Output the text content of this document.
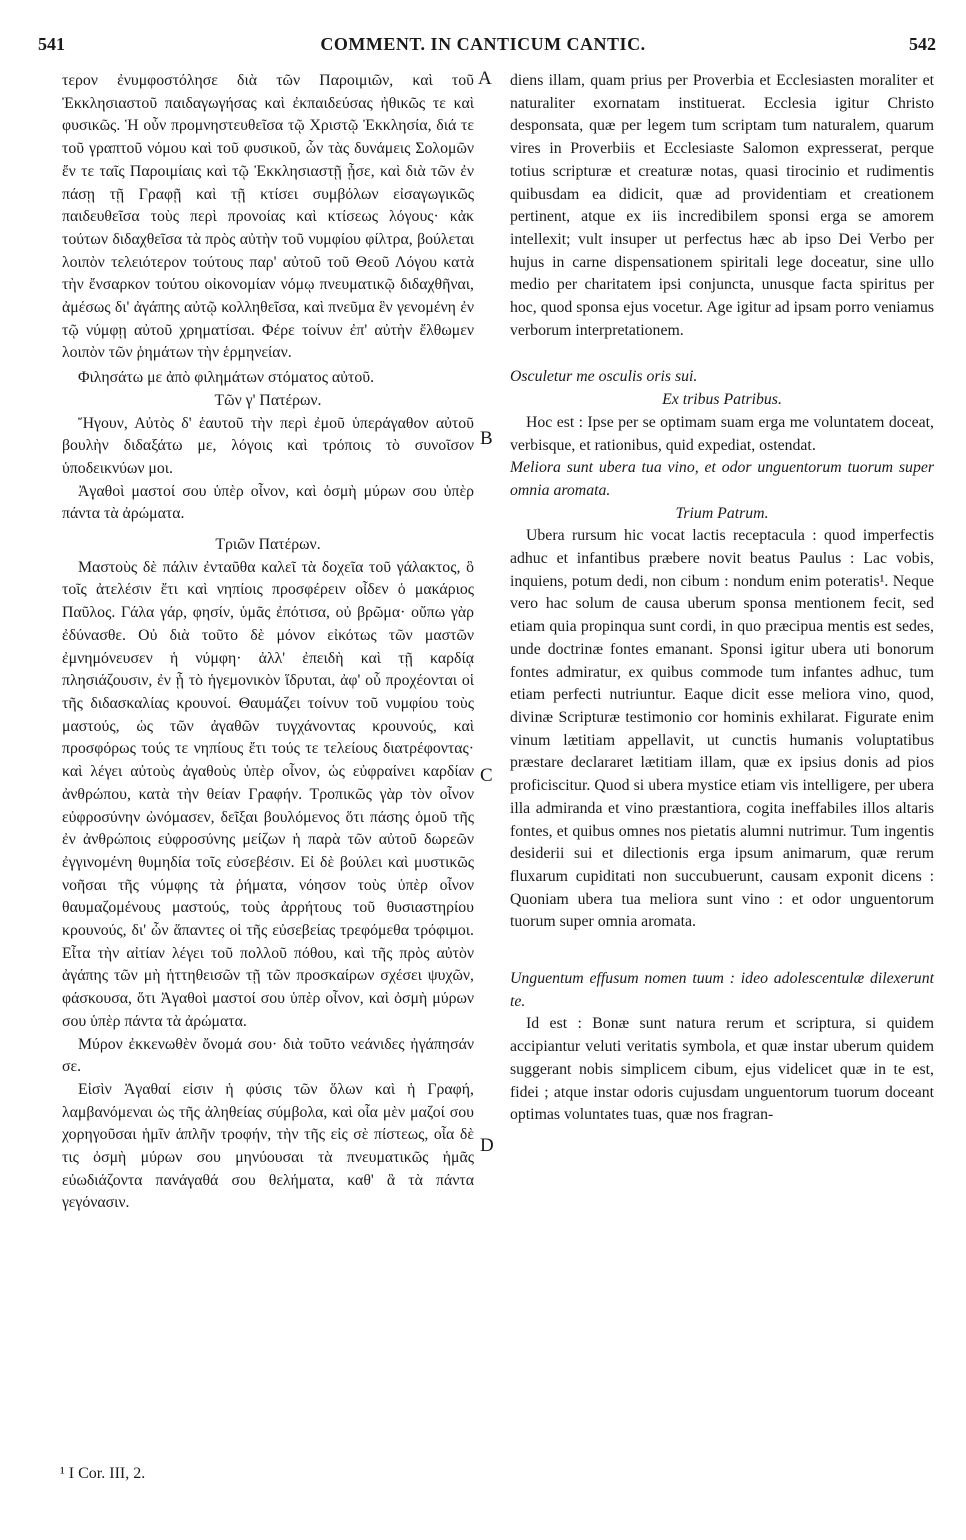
541	COMMENT. IN CANTICUM CANTIC.	542
A
B
C
D

τερον ἐνυμφοστόλησε διὰ τῶν Παροιμιῶν, καὶ τοῦ Ἐκκλησιαστοῦ παιδαγωγήσας καὶ ἐκπαιδεύσας ἠθικῶς τε καὶ φυσικῶς. Ἡ οὖν προμνηστευθεῖσα τῷ Χριστῷ Ἐκκλησία, διά τε τοῦ γραπτοῦ νόμου καὶ τοῦ φυσικοῦ, ὧν τὰς δυνάμεις Σολομῶν ἔν τε ταῖς Παροιμίαις καὶ τῷ Ἐκκλησιαστῇ ᾖσε, καὶ διὰ τῶν ἐν πάσῃ τῇ Γραφῇ καὶ τῇ κτίσει συμβόλων εἰσαγωγικῶς παιδευθεῖσα τοὺς περὶ προνοίας καὶ κτίσεως λόγους· κἀκ τούτων διδαχθεῖσα τὰ πρὸς αὐτὴν τοῦ νυμφίου φίλτρα, βούλεται λοιπὸν τελειότερον τούτους παρ' αὐτοῦ τοῦ Θεοῦ Λόγου κατὰ τὴν ἔνσαρκον τούτου οἰκονομίαν νόμῳ πνευματικῷ διδαχθῆναι, ἀμέσως δι' ἀγάπης αὐτῷ κολληθεῖσα, καὶ πνεῦμα ἓν γενομένη ἐν τῷ νύμφῃ αὐτοῦ χρηματίσαι. Φέρε τοίνυν ἐπ' αὐτὴν ἔλθωμεν λοιπὸν τῶν ῥημάτων τὴν ἑρμηνείαν.

Φιλησάτω με ἀπὸ φιλημάτων στόματος αὐτοῦ.

Τῶν γ' Πατέρων.

Ἤγουν, Αὐτὸς δ' ἑαυτοῦ τὴν περὶ ἐμοῦ ὑπεράγαθον αὐτοῦ βουλὴν διδαξάτω με, λόγοις καὶ τρόποις τὸ συνοῖσον ὑποδεικνύων μοι.

Ἀγαθοὶ μαστοί σου ὑπὲρ οἶνον, καὶ ὀσμὴ μύρων σου ὑπὲρ πάντα τὰ ἀρώματα.

Τριῶν Πατέρων.

Μαστοὺς δὲ πάλιν ἐνταῦθα καλεῖ τὰ δοχεῖα τοῦ γάλακτος, ὃ τοῖς ἀτελέσιν ἔτι καὶ νηπίοις προσφέρειν οἶδεν ὁ μακάριος Παῦλος. Γάλα γάρ, φησίν, ὑμᾶς ἐπότισα, οὐ βρῶμα· οὔπω γὰρ ἐδύνασθε. Οὐ διὰ τοῦτο δὲ μόνον εἰκότως τῶν μαστῶν ἐμνημόνευσεν ἡ νύμφη· ἀλλ' ἐπειδὴ καὶ τῇ καρδίᾳ πλησιάζουσιν, ἐν ᾗ τὸ ἡγεμονικὸν ἵδρυται, ἀφ' οὗ προχέονται οἱ τῆς διδασκαλίας κρουνοί. Θαυμάζει τοίνυν τοῦ νυμφίου τοὺς μαστούς, ὡς τῶν ἀγαθῶν τυγχάνοντας κρουνούς, καὶ προσφόρως τούς τε νηπίους ἔτι τούς τε τελείους διατρέφοντας· καὶ λέγει αὐτοὺς ἀγαθοὺς ὑπὲρ οἶνον, ὡς εὐφραίνει καρδίαν ἀνθρώπου, κατὰ τὴν θείαν Γραφήν. Τροπικῶς γὰρ τὸν οἶνον εὐφροσύνην ὠνόμασεν, δεῖξαι βουλόμενος ὅτι πάσης ὁμοῦ τῆς ἐν ἀνθρώποις εὐφροσύνης μείζων ἡ παρὰ τῶν αὐτοῦ δωρεῶν ἐγγινομένη θυμηδία τοῖς εὐσεβέσιν. Εἰ δὲ βούλει καὶ μυστικῶς νοῆσαι τῆς νύμφης τὰ ῥήματα, νόησον τοὺς ὑπὲρ οἶνον θαυμαζομένους μαστούς, τοὺς ἀρρήτους τοῦ θυσιαστηρίου κρουνούς, δι' ὧν ἅπαντες οἱ τῆς εὐσεβείας τρεφόμεθα τρόφιμοι. Εἶτα τὴν αἰτίαν λέγει τοῦ πολλοῦ πόθου, καὶ τῆς πρὸς αὐτὸν ἀγάπης τῶν μὴ ἡττηθεισῶν τῇ τῶν προσκαίρων σχέσει ψυχῶν, φάσκουσα, ὅτι Ἀγαθοὶ μαστοί σου ὑπὲρ οἶνον, καὶ ὀσμὴ μύρων σου ὑπὲρ πάντα τὰ ἀρώματα.

Μύρον ἐκκενωθὲν ὄνομά σου· διὰ τοῦτο νεάνιδες ἠγάπησάν σε.

Εἰσὶν Ἀγαθαί εἰσιν ἡ φύσις τῶν ὅλων καὶ ἡ Γραφή, λαμβανόμεναι ὡς τῆς ἀληθείας σύμβολα, καὶ οἷα μὲν μαζοί σου χορηγοῦσαι ἡμῖν ἁπλῆν τροφήν, τὴν τῆς εἰς σὲ πίστεως, οἷα δὲ τις ὀσμὴ μύρων σου μηνύουσαι τὰ πνευματικῶς ἡμᾶς εὐωδιάζοντα πανάγαθά σου θελήματα, καθ' ἃ τὰ πάντα γεγόνασιν.

diens illam, quam prius per Proverbia et Ecclesiasten moraliter et naturaliter exornatam instituerat. Ecclesia igitur Christo desponsata, quæ per legem tum scriptam tum naturalem, quarum vires in Proverbiis et Ecclesiaste Salomon expresserat, perque totius scripturæ et creaturæ notas, quasi tirocinio et rudimentis quibusdam ea didicit, quæ ad providentiam et creationem pertinent, atque ex iis incredibilem sponsi erga se amorem intellexit; vult insuper ut perfectus hæc ab ipso Dei Verbo per hujus in carne dispensationem spiritali lege doceatur, sine ullo medio per charitatem ipsi conjuncta, unusque facta spiritus per hoc, quod sponsa ejus vocetur. Age igitur ad ipsam porro veniamus verborum interpretationem.

Osculetur me osculis oris sui.

Ex tribus Patribus.

Hoc est : Ipse per se optimam suam erga me voluntatem doceat, verbisque, et rationibus, quid expediat, ostendat.

Meliora sunt ubera tua vino, et odor unguentorum tuorum super omnia aromata.

Trium Patrum.

Ubera rursum hic vocat lactis receptacula : quod imperfectis adhuc et infantibus præbere novit beatus Paulus : Lac vobis, inquiens, potum dedi, non cibum : nondum enim poteratis¹. Neque vero hac solum de causa uberum sponsa mentionem fecit, sed etiam quia propinqua sunt cordi, in quo præcipua mentis est sedes, unde doctrinæ fontes emanant. Sponsi igitur ubera uti bonorum fontes admiratur, ex quibus commode tum infantes adhuc, tum etiam perfecti nutriuntur. Eaque dicit esse meliora vino, quod, divinæ Scripturæ testimonio cor hominis exhilarat. Figurate enim vinum lætitiam appellavit, ut cunctis humanis voluptatibus præstare declararet lætitiam illam, quæ ex ipsius donis ad pios proficiscitur. Quod si ubera mystice etiam vis intelligere, per ubera illa admiranda et vino præstantiora, cogita ineffabiles illos altaris fontes, et quibus omnes nos pietatis alumni nutrimur. Tum ingentis desiderii sui et dilectionis erga ipsum animarum, quæ rerum fluxarum cupiditati non succubuerunt, causam exponit dicens : Quoniam ubera tua meliora sunt vino : et odor unguentorum tuorum super omnia aromata.

Unguentum effusum nomen tuum : ideo adolescentulæ dilexerunt te.

Id est : Bonæ sunt natura rerum et scriptura, si quidem accipiantur veluti veritatis symbola, et quæ instar uberum quidem suggerant nobis simplicem cibum, ejus videlicet quæ in te est, fidei ; atque instar odoris cujusdam unguentorum tuorum doceant optimas voluntates tuas, quæ nos fragran-

¹ I Cor. III, 2.
